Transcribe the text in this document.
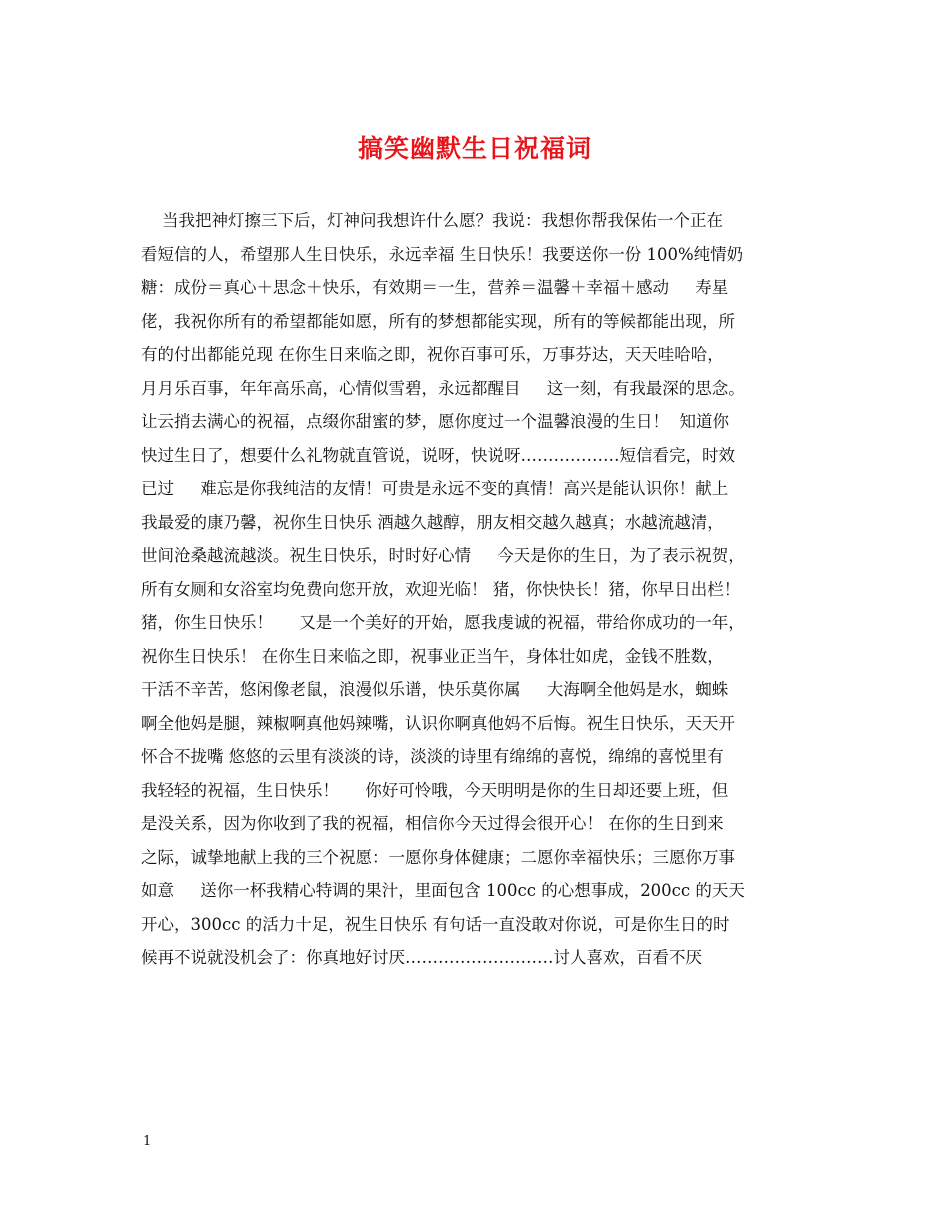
搞笑幽默生日祝福词
当我把神灯擦三下后，灯神问我想许什么愿？我说：我想你帮我保佑一个正在
看短信的人，希望那人生日快乐，永远幸福 生日快乐！我要送你一份 100%纯情奶
糖：成份＝真心＋思念＋快乐，有效期＝一生，营养＝温馨＋幸福＋感动     寿星
佬，我祝你所有的希望都能如愿，所有的梦想都能实现，所有的等候都能出现，所
有的付出都能兑现 在你生日来临之即，祝你百事可乐，万事芬达，天天哇哈哈，
月月乐百事，年年高乐高，心情似雪碧，永远都醒目     这一刻，有我最深的思念。
让云捎去满心的祝福，点缀你甜蜜的梦，愿你度过一个温馨浪漫的生日！  知道你
快过生日了，想要什么礼物就直管说，说呀，快说呀………………短信看完，时效
已过     难忘是你我纯洁的友情！可贵是永远不变的真情！高兴是能认识你！献上
我最爱的康乃馨，祝你生日快乐 酒越久越醇，朋友相交越久越真；水越流越清，
世间沧桑越流越淡。祝生日快乐，时时好心情     今天是你的生日，为了表示祝贺，
所有女厕和女浴室均免费向您开放，欢迎光临！ 猪，你快快长！猪，你早日出栏！
猪，你生日快乐！     又是一个美好的开始，愿我虔诚的祝福，带给你成功的一年，
祝你生日快乐！ 在你生日来临之即，祝事业正当午，身体壮如虎，金钱不胜数，
干活不辛苦，悠闲像老鼠，浪漫似乐谱，快乐莫你属     大海啊全他妈是水，蜘蛛
啊全他妈是腿，辣椒啊真他妈辣嘴，认识你啊真他妈不后悔。祝生日快乐，天天开
怀合不拢嘴 悠悠的云里有淡淡的诗，淡淡的诗里有绵绵的喜悦，绵绵的喜悦里有
我轻轻的祝福，生日快乐！     你好可怜哦，今天明明是你的生日却还要上班，但
是没关系，因为你收到了我的祝福，相信你今天过得会很开心！ 在你的生日到来
之际，诚挚地献上我的三个祝愿：一愿你身体健康；二愿你幸福快乐；三愿你万事
如意     送你一杯我精心特调的果汁，里面包含 100cc 的心想事成，200cc 的天天
开心，300cc 的活力十足，祝生日快乐 有句话一直没敢对你说，可是你生日的时
候再不说就没机会了：你真地好讨厌………………………讨人喜欢，百看不厌
1
